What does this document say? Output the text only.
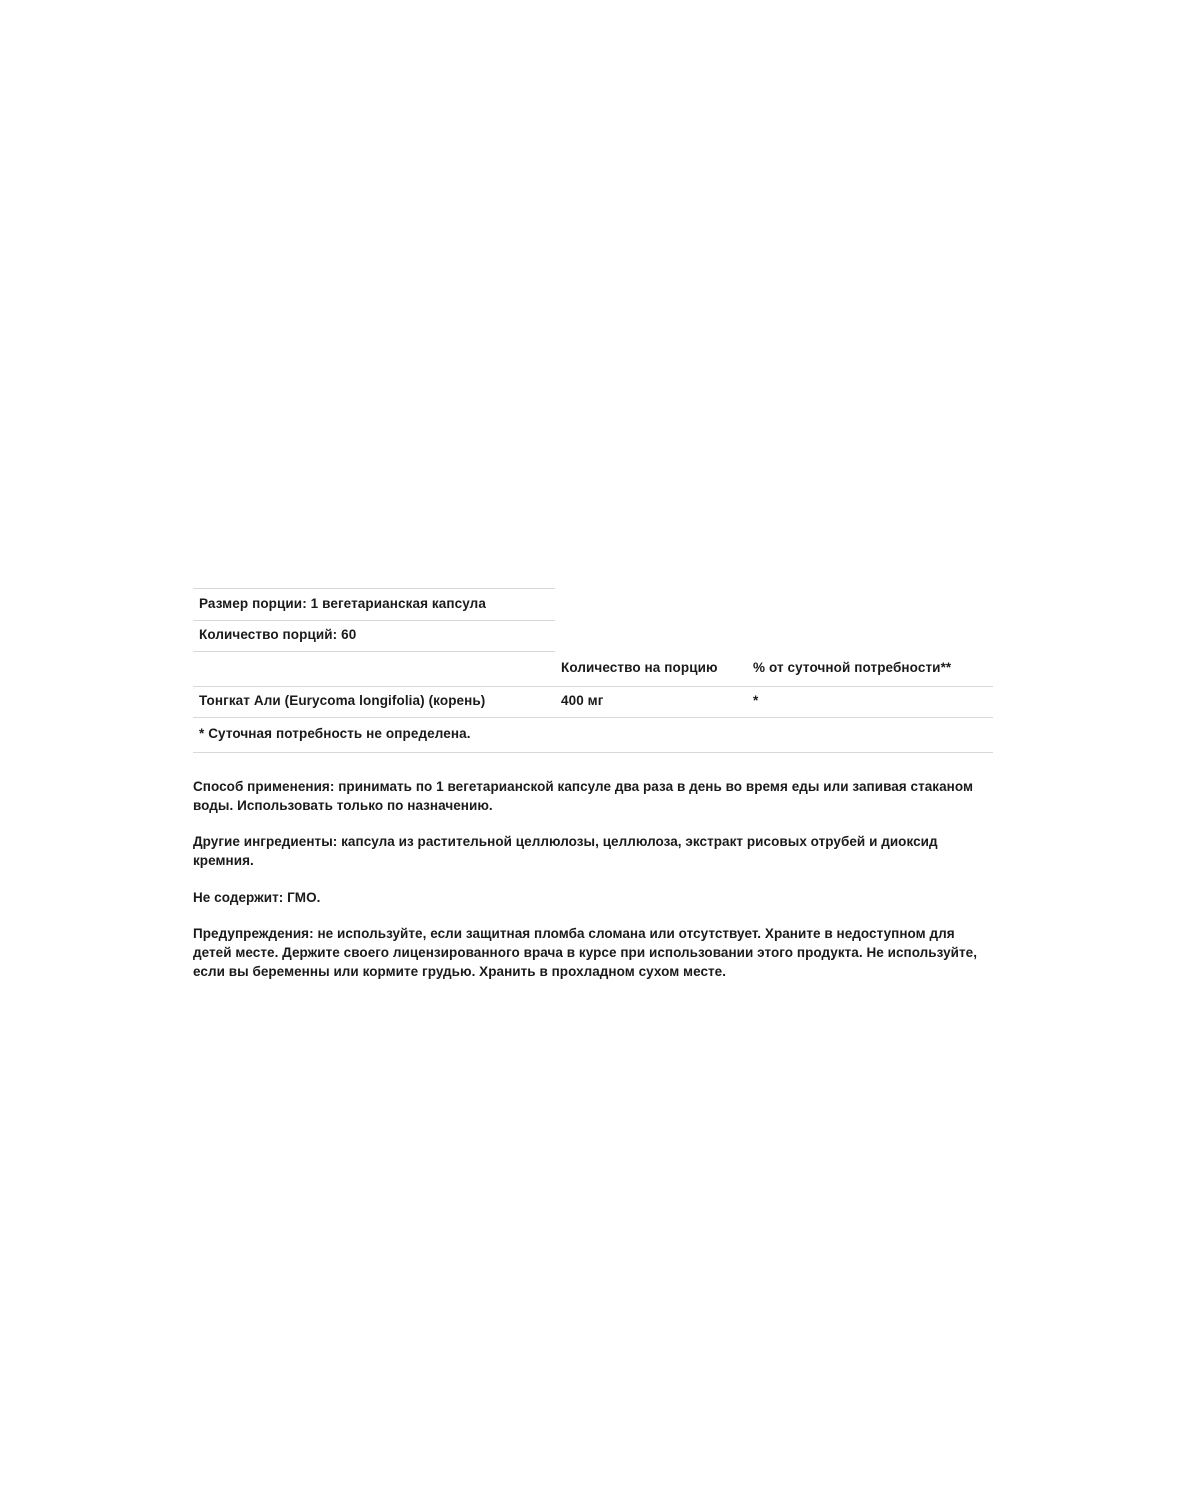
Размер порции: 1 вегетарианская капсула		

Количество порций: 60		

	Количество на порцию	% от суточной потребности**

Тонгкат Али (Eurycoma longifolia) (корень)	400 мг	*

* Суточная потребность не определена.		

Способ применения: принимать по 1 вегетарианской капсуле два раза в день во время еды или запивая стаканом воды. Использовать только по назначению.

Другие ингредиенты: капсула из растительной целлюлозы, целлюлоза, экстракт рисовых отрубей и диоксид кремния.

Не содержит: ГМО.

Предупреждения: не используйте, если защитная пломба сломана или отсутствует. Храните в недоступном для детей месте. Держите своего лицензированного врача в курсе при использовании этого продукта. Не используйте, если вы беременны или кормите грудью. Хранить в прохладном сухом месте.
